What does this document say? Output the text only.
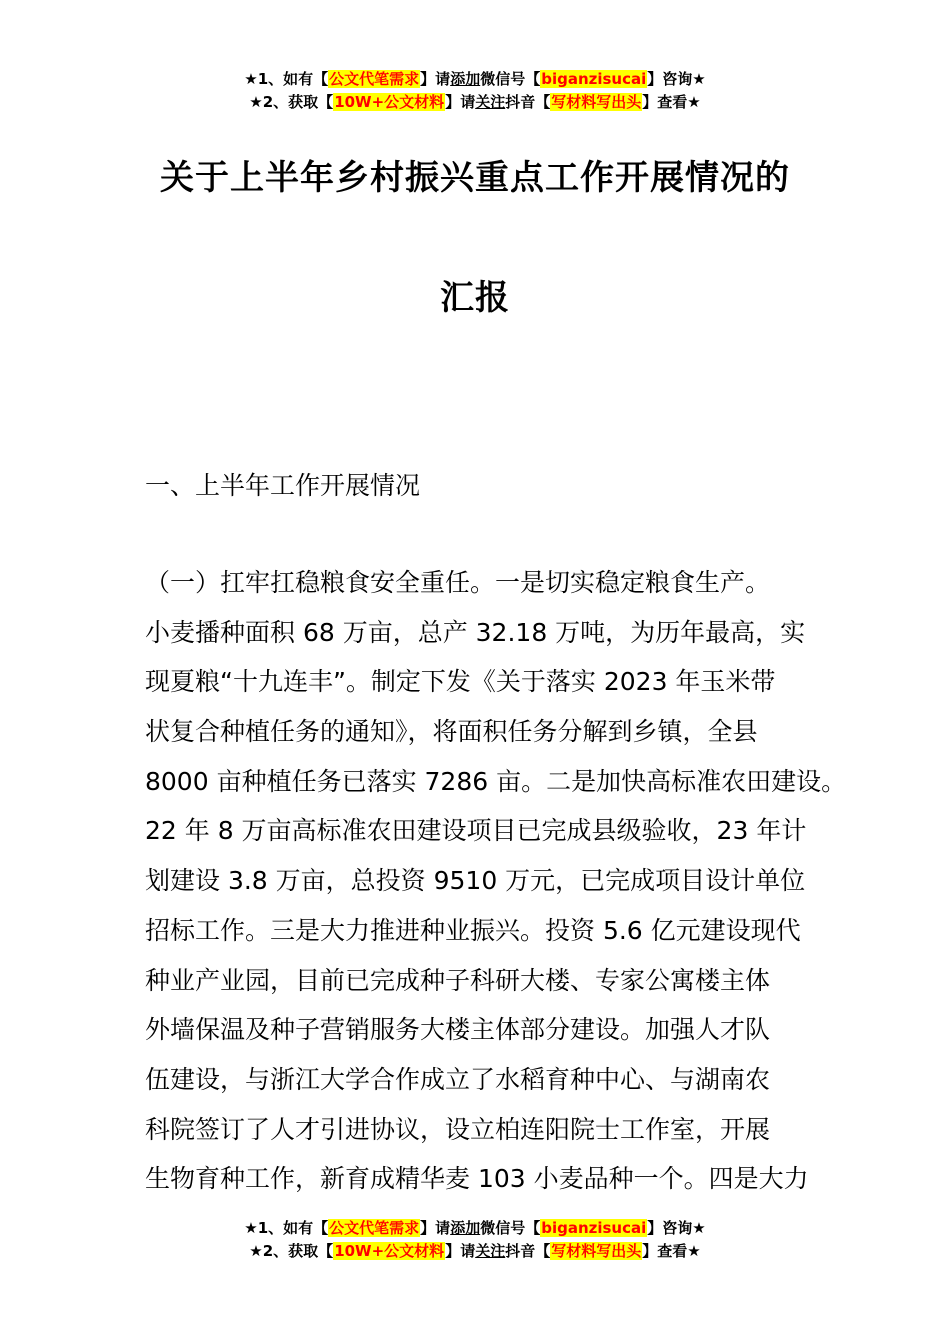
★1、如有【公文代笔需求】请添加微信号【biganzisucai】咨询★
★2、获取【10W+公文材料】请关注抖音【写材料写出头】查看★
关于上半年乡村振兴重点工作开展情况的
汇报
一、上半年工作开展情况
（一）扛牢扛稳粮食安全重任。一是切实稳定粮食生产。
小麦播种面积 68 万亩，总产 32.18 万吨，为历年最高，实
现夏粮“十九连丰”。制定下发《关于落实 2023 年玉米带
状复合种植任务的通知》，将面积任务分解到乡镇，全县
8000 亩种植任务已落实 7286 亩。二是加快高标准农田建设。
22 年 8 万亩高标准农田建设项目已完成县级验收，23 年计
划建设 3.8 万亩，总投资 9510 万元，已完成项目设计单位
招标工作。三是大力推进种业振兴。投资 5.6 亿元建设现代
种业产业园，目前已完成种子科研大楼、专家公寓楼主体
外墙保温及种子营销服务大楼主体部分建设。加强人才队
伍建设，与浙江大学合作成立了水稻育种中心、与湖南农
科院签订了人才引进协议，设立柏连阳院士工作室，开展
生物育种工作，新育成精华麦 103 小麦品种一个。四是大力
★1、如有【公文代笔需求】请添加微信号【biganzisucai】咨询★
★2、获取【10W+公文材料】请关注抖音【写材料写出头】查看★
